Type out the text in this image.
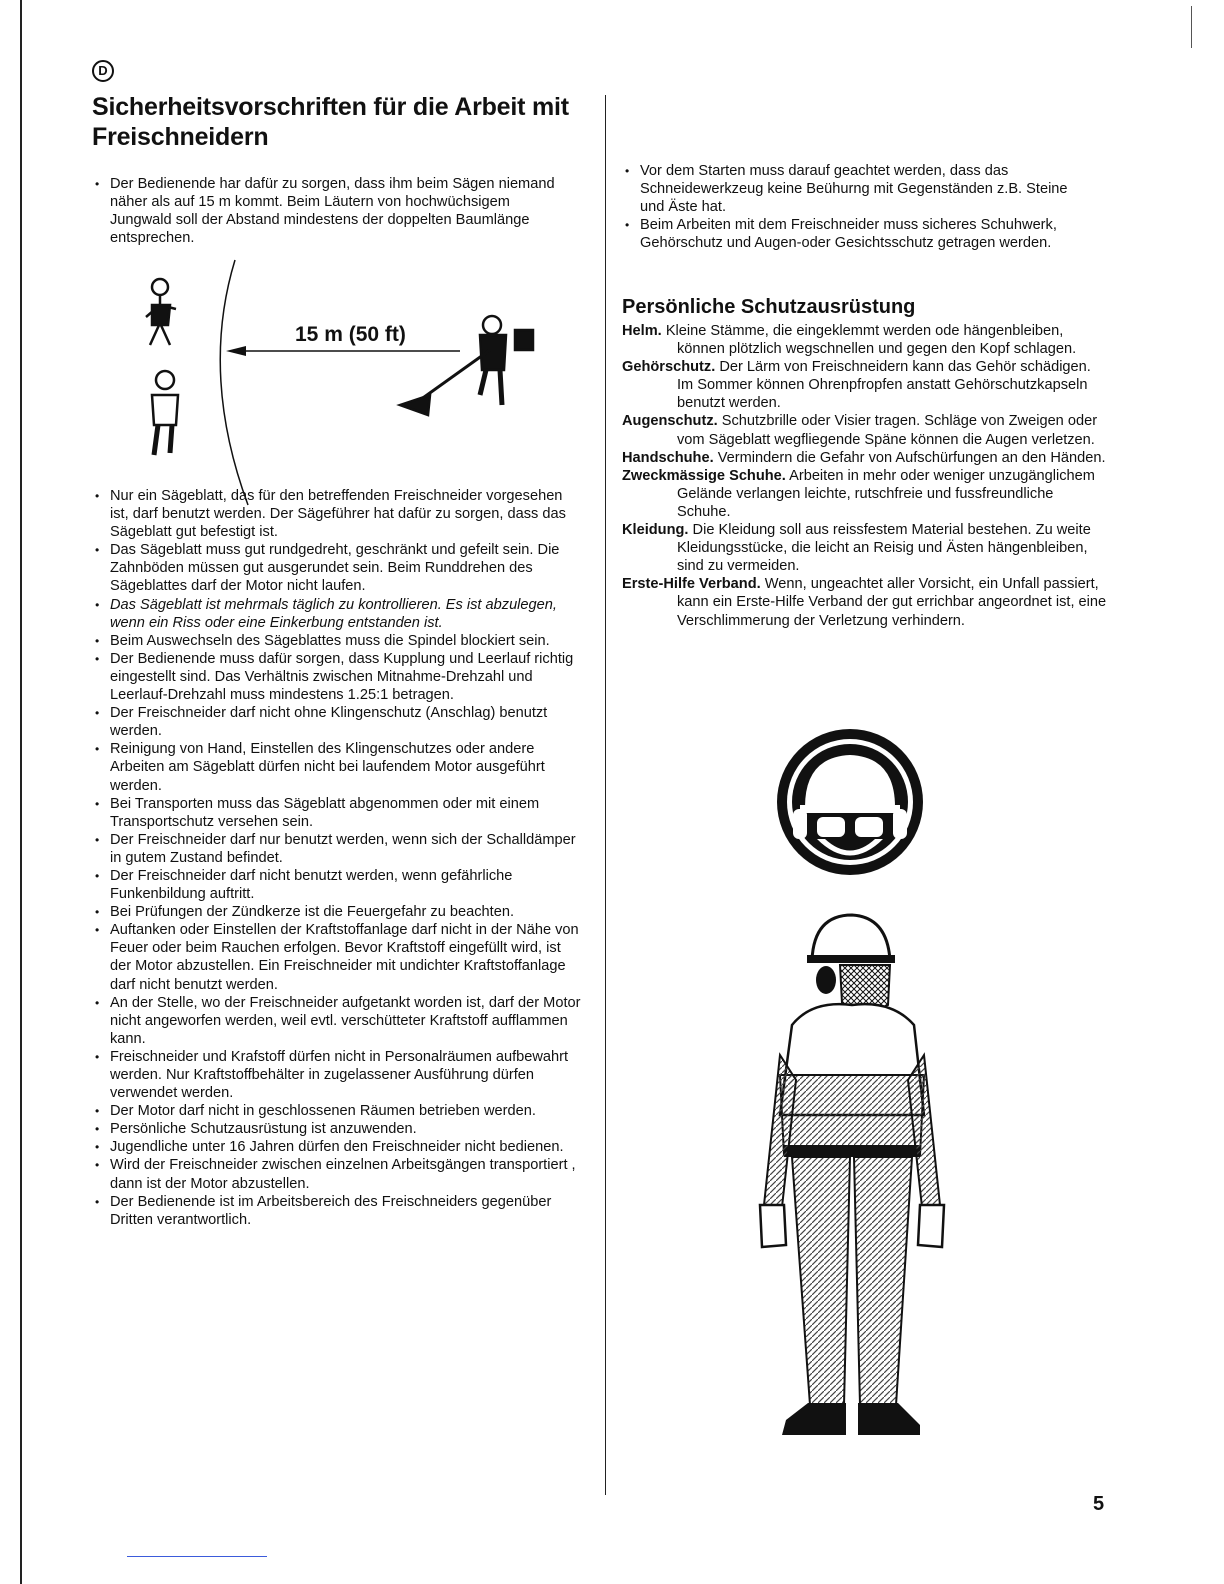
D
Sicherheitsvorschriften für die Arbeit mit Freischneidern
• Der Bedienende har dafür zu sorgen, dass ihm beim Sägen niemand näher als auf 15 m kommt. Beim Läutern von hochwüchsigem Jungwald soll der Abstand mindestens der doppelten Baumlänge entsprechen.
15 m (50 ft)
• Nur ein Sägeblatt, das für den betreffenden Freischneider vorgesehen ist, darf benutzt werden. Der Sägeführer hat dafür zu sorgen, dass das Sägeblatt gut befestigt ist.
• Das Sägeblatt muss gut rundgedreht, geschränkt und gefeilt sein. Die Zahnböden müssen gut ausgerundet sein. Beim Runddrehen des Sägeblattes darf der Motor nicht laufen.
• Das Sägeblatt ist mehrmals täglich zu kontrollieren. Es ist abzulegen, wenn ein Riss oder eine Einkerbung entstanden ist.
• Beim Auswechseln des Sägeblattes muss die Spindel blockiert sein.
• Der Bedienende muss dafür sorgen, dass Kupplung und Leerlauf richtig eingestellt sind. Das Verhältnis zwischen Mitnahme-Drehzahl und Leerlauf-Drehzahl muss mindestens 1.25:1 betragen.
• Der Freischneider darf nicht ohne Klingenschutz (Anschlag) benutzt werden.
• Reinigung von Hand, Einstellen des Klingenschutzes oder andere Arbeiten am Sägeblatt dürfen nicht bei laufendem Motor ausgeführt werden.
• Bei Transporten muss das Sägeblatt abgenommen oder mit einem Transportschutz versehen sein.
• Der Freischneider darf nur benutzt werden, wenn sich der Schalldämper in gutem Zustand befindet.
• Der Freischneider darf nicht benutzt werden, wenn gefährliche Funkenbildung auftritt.
• Bei Prüfungen der Zündkerze ist die Feuergefahr zu beachten.
• Auftanken oder Einstellen der Kraftstoffanlage darf nicht in der Nähe von Feuer oder beim Rauchen erfolgen. Bevor Kraftstoff eingefüllt wird, ist der Motor abzustellen. Ein Freischneider mit undichter Kraftstoffanlage darf nicht benutzt werden.
• An der Stelle, wo der Freischneider aufgetankt worden ist, darf der Motor nicht angeworfen werden, weil evtl. verschütteter Kraftstoff aufflammen kann.
• Freischneider und Krafstoff dürfen nicht in Personalräumen aufbewahrt werden. Nur Kraftstoffbehälter in zugelassener Ausführung dürfen verwendet werden.
• Der Motor darf nicht in geschlossenen Räumen betrieben werden.
• Persönliche Schutzausrüstung ist anzuwenden.
• Jugendliche unter 16 Jahren dürfen den Freischneider nicht bedienen.
• Wird der Freischneider zwischen einzelnen Arbeitsgängen transportiert , dann ist der Motor abzustellen.
• Der Bedienende ist im Arbeitsbereich des Freischneiders gegenüber Dritten verantwortlich.
• Vor dem Starten muss darauf geachtet werden, dass das Schneidewerkzeug keine Beühurng mit Gegenständen z.B. Steine und Äste hat.
• Beim Arbeiten mit dem Freischneider muss sicheres Schuhwerk, Gehörschutz und Augen-oder Gesichtsschutz getragen werden.
Persönliche Schutzausrüstung
Helm. Kleine Stämme, die eingeklemmt werden ode hängenbleiben, können plötzlich wegschnellen und gegen den Kopf schlagen.
Gehörschutz. Der Lärm von Freischneidern kann das Gehör schädigen. Im Sommer können Ohrenpfropfen anstatt Gehörschutzkapseln benutzt werden.
Augenschutz. Schutzbrille oder Visier tragen. Schläge von Zweigen oder vom Sägeblatt wegfliegende Späne können die Augen verletzen.
Handschuhe. Vermindern die Gefahr von Aufschürfungen an den Händen.
Zweckmässige Schuhe. Arbeiten in mehr oder weniger unzugänglichem Gelände verlangen leichte, rutschfreie und fussfreundliche Schuhe.
Kleidung. Die Kleidung soll aus reissfestem Material bestehen. Zu weite Kleidungsstücke, die leicht an Reisig und Ästen hängenbleiben, sind zu vermeiden.
Erste-Hilfe Verband. Wenn, ungeachtet aller Vorsicht, ein Unfall passiert, kann ein Erste-Hilfe Verband der gut errichbar angeordnet ist, eine Verschlimmerung der Verletzung verhindern.
5
